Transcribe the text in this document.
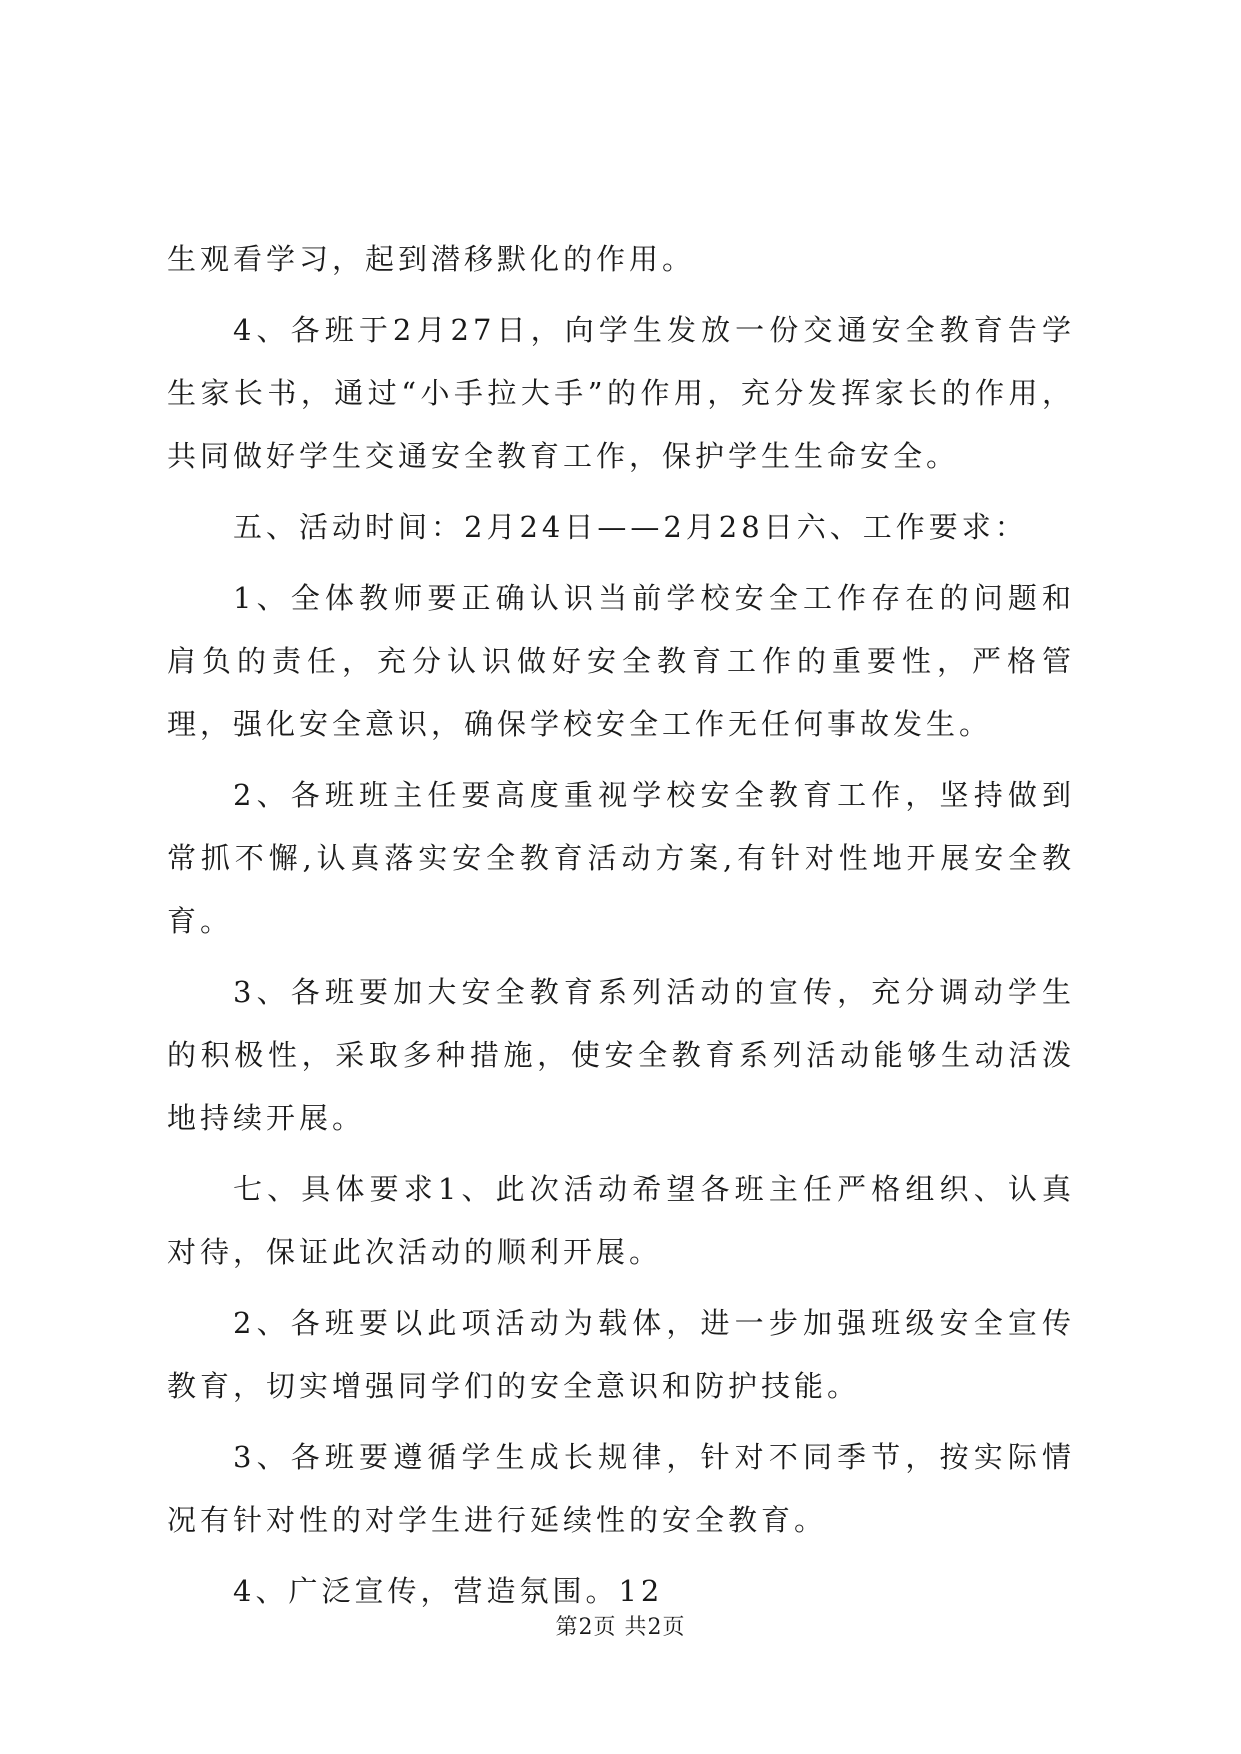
生观看学习，起到潜移默化的作用。

4、各班于2月27日，向学生发放一份交通安全教育告学生家长书，通过“小手拉大手”的作用，充分发挥家长的作用，共同做好学生交通安全教育工作，保护学生生命安全。

五、活动时间：2月24日——2月28日六、工作要求：

1、全体教师要正确认识当前学校安全工作存在的问题和肩负的责任，充分认识做好安全教育工作的重要性，严格管理，强化安全意识，确保学校安全工作无任何事故发生。

2、各班班主任要高度重视学校安全教育工作，坚持做到常抓不懈,认真落实安全教育活动方案,有针对性地开展安全教育。

3、各班要加大安全教育系列活动的宣传，充分调动学生的积极性，采取多种措施，使安全教育系列活动能够生动活泼地持续开展。

七、具体要求1、此次活动希望各班主任严格组织、认真对待，保证此次活动的顺利开展。

2、各班要以此项活动为载体，进一步加强班级安全宣传教育，切实增强同学们的安全意识和防护技能。

3、各班要遵循学生成长规律，针对不同季节，按实际情况有针对性的对学生进行延续性的安全教育。

4、广泛宣传，营造氛围。12

第2页 共2页
